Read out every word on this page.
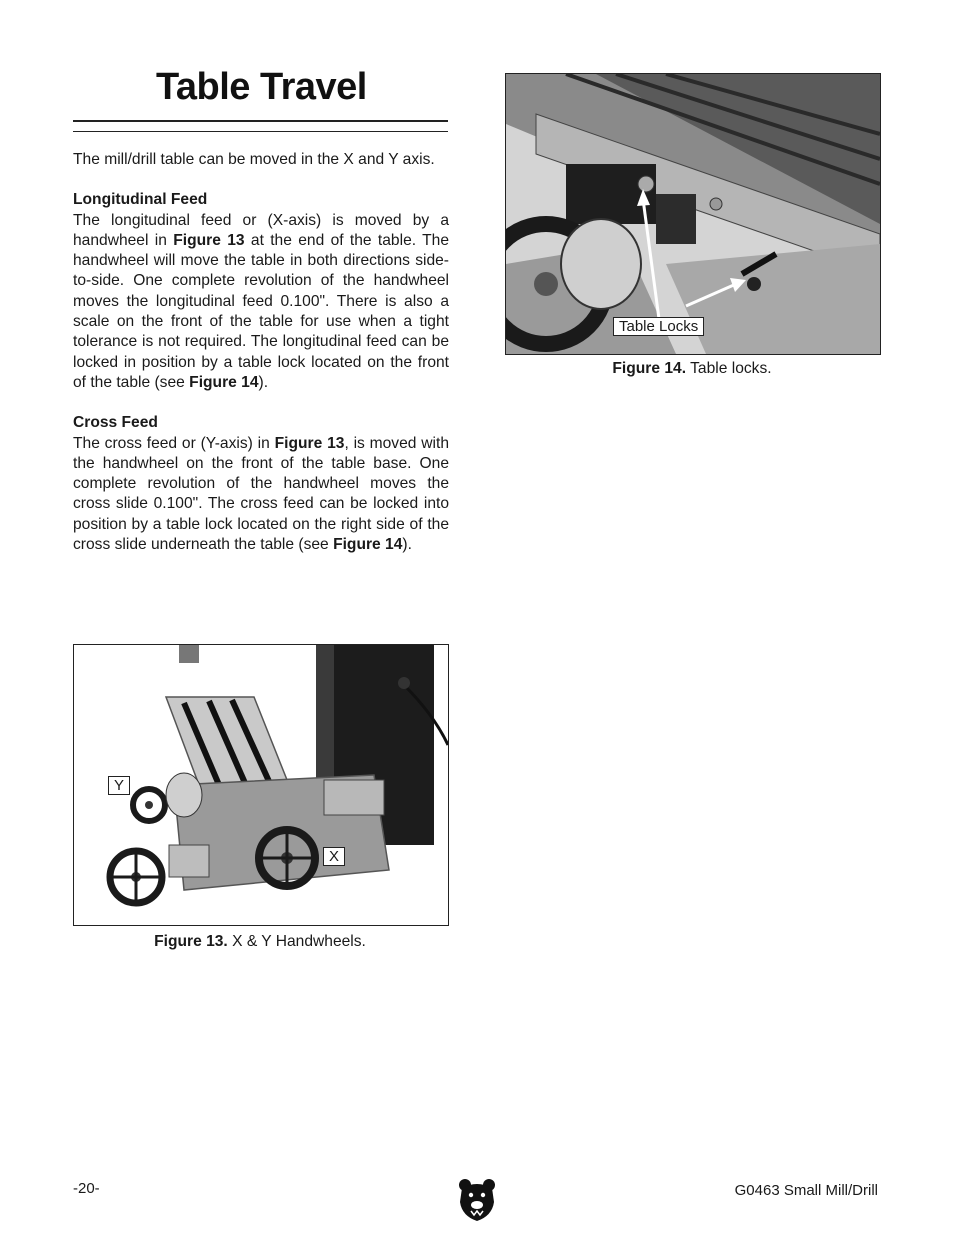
Table Travel

The mill/drill table can be moved in the X and Y axis.

Longitudinal Feed

The longitudinal feed or (X-axis) is moved by a handwheel in Figure 13 at the end of the table. The handwheel will move the table in both directions side-to-side. One complete revolution of the handwheel moves the longitudinal feed 0.100". There is also a scale on the front of the table for use when a tight tolerance is not required. The longitudinal feed can be locked in position by a table lock located on the front of the table (see Figure 14).

Cross Feed

The cross feed or (Y-axis) in Figure 13, is moved with the handwheel on the front of the table base. One complete revolution of the handwheel moves the cross slide 0.100". The cross feed can be locked into position by a table lock located on the right side of the cross slide underneath the table (see Figure 14).

Table Locks
Figure 14. Table locks.
Y
X
Figure 13. X & Y Handwheels.
-20-	G0463 Small Mill/Drill
